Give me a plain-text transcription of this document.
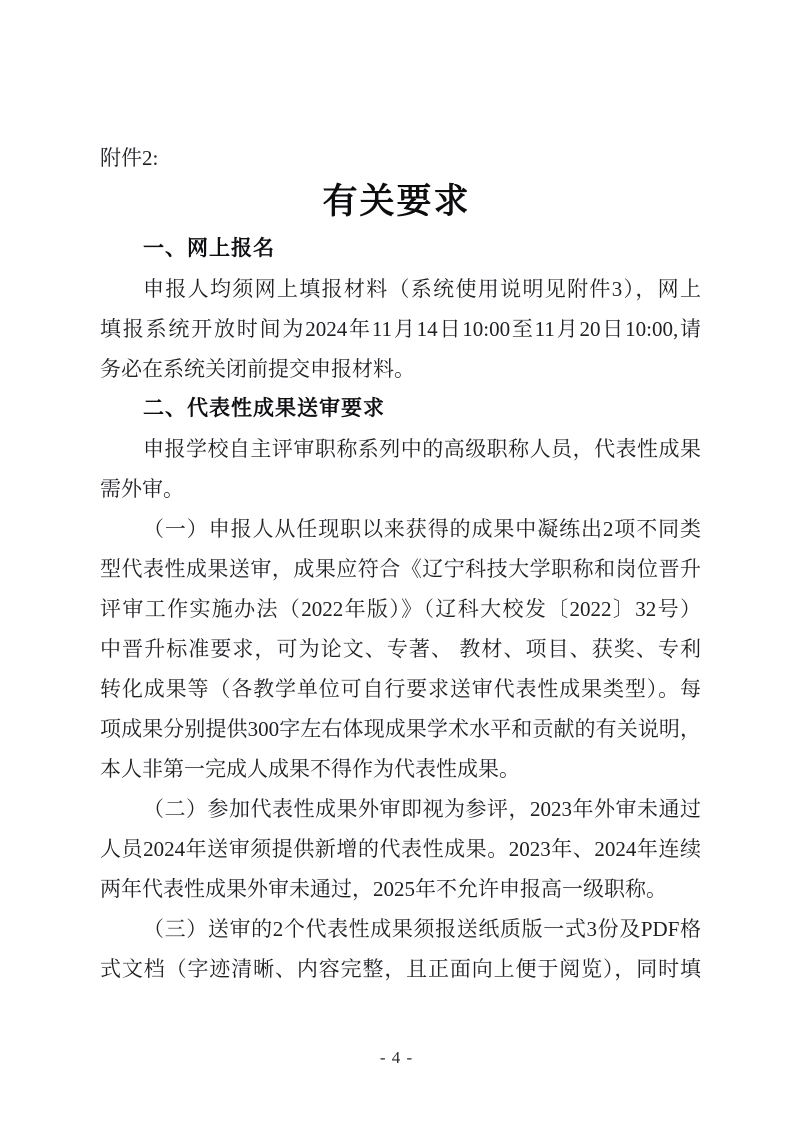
附件2:
有关要求
一、网上报名
申报人均须网上填报材料（系统使用说明见附件3），网上
填报系统开放时间为2024年11月14日10:00至11月20日10:00,请
务必在系统关闭前提交申报材料。
二、代表性成果送审要求
申报学校自主评审职称系列中的高级职称人员，代表性成果
需外审。
（一）申报人从任现职以来获得的成果中凝练出2项不同类
型代表性成果送审，成果应符合《辽宁科技大学职称和岗位晋升
评审工作实施办法（2022年版）》（辽科大校发〔2022〕32号）
中晋升标准要求，可为论文、专著、 教材、项目、获奖、专利
转化成果等（各教学单位可自行要求送审代表性成果类型）。每
项成果分别提供300字左右体现成果学术水平和贡献的有关说明，
本人非第一完成人成果不得作为代表性成果。
（二）参加代表性成果外审即视为参评，2023年外审未通过
人员2024年送审须提供新增的代表性成果。2023年、2024年连续
两年代表性成果外审未通过，2025年不允许申报高一级职称。
（三）送审的2个代表性成果须报送纸质版一式3份及PDF格
式文档（字迹清晰、内容完整，且正面向上便于阅览），同时填
- 4 -
